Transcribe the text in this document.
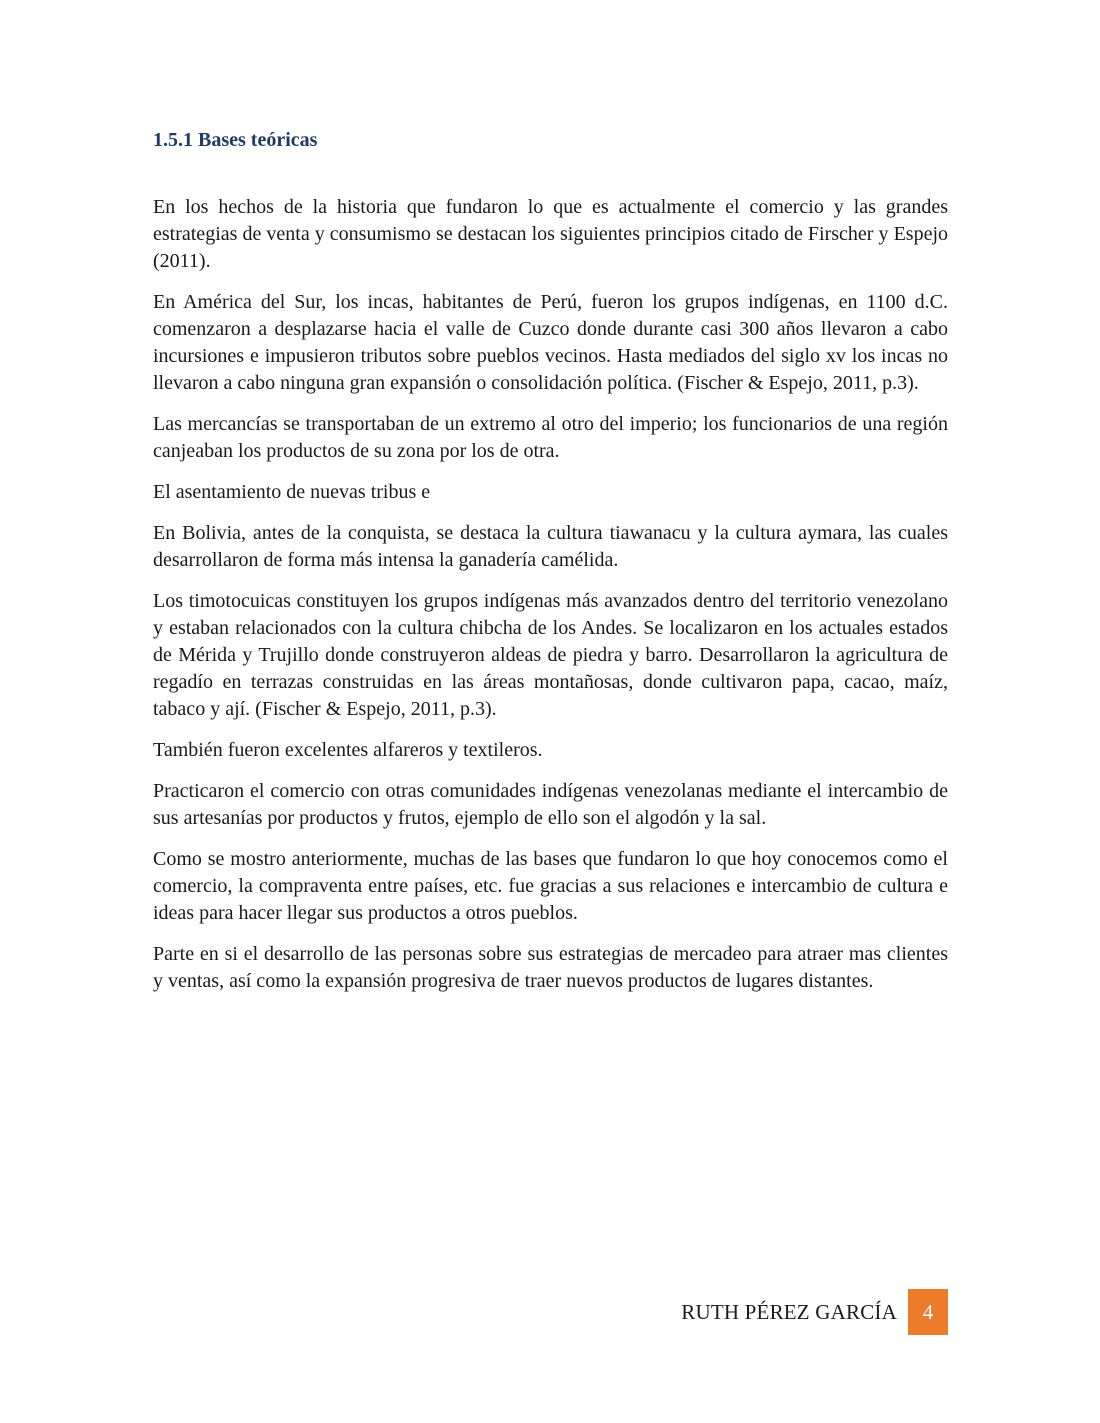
1.5.1 Bases teóricas

En los hechos de la historia que fundaron lo que es actualmente el comercio y las grandes estrategias de venta y consumismo se destacan los siguientes principios citado de Firscher y Espejo (2011).

En América del Sur, los incas, habitantes de Perú, fueron los grupos indígenas, en 1100 d.C. comenzaron a desplazarse hacia el valle de Cuzco donde durante casi 300 años llevaron a cabo incursiones e impusieron tributos sobre pueblos vecinos. Hasta mediados del siglo xv los incas no llevaron a cabo ninguna gran expansión o consolidación política. (Fischer & Espejo, 2011, p.3).

Las mercancías se transportaban de un extremo al otro del imperio; los funcionarios de una región canjeaban los productos de su zona por los de otra.

El asentamiento de nuevas tribus e

En Bolivia, antes de la conquista, se destaca la cultura tiawanacu y la cultura aymara, las cuales desarrollaron de forma más intensa la ganadería camélida.

Los timotocuicas constituyen los grupos indígenas más avanzados dentro del territorio venezolano y estaban relacionados con la cultura chibcha de los Andes. Se localizaron en los actuales estados de Mérida y Trujillo donde construyeron aldeas de piedra y barro. Desarrollaron la agricultura de regadío en terrazas construidas en las áreas montañosas, donde cultivaron papa, cacao, maíz, tabaco y ají. (Fischer & Espejo, 2011, p.3).

También fueron excelentes alfareros y textileros.

Practicaron el comercio con otras comunidades indígenas venezolanas mediante el intercambio de sus artesanías por productos y frutos, ejemplo de ello son el algodón y la sal.

Como se mostro anteriormente, muchas de las bases que fundaron lo que hoy conocemos como el comercio, la compraventa entre países, etc. fue gracias a sus relaciones e intercambio de cultura e ideas para hacer llegar sus productos a otros pueblos.

Parte en si el desarrollo de las personas sobre sus estrategias de mercadeo para atraer mas clientes y ventas, así como la expansión progresiva de traer nuevos productos de lugares distantes.

RUTH PÉREZ GARCÍA	4
